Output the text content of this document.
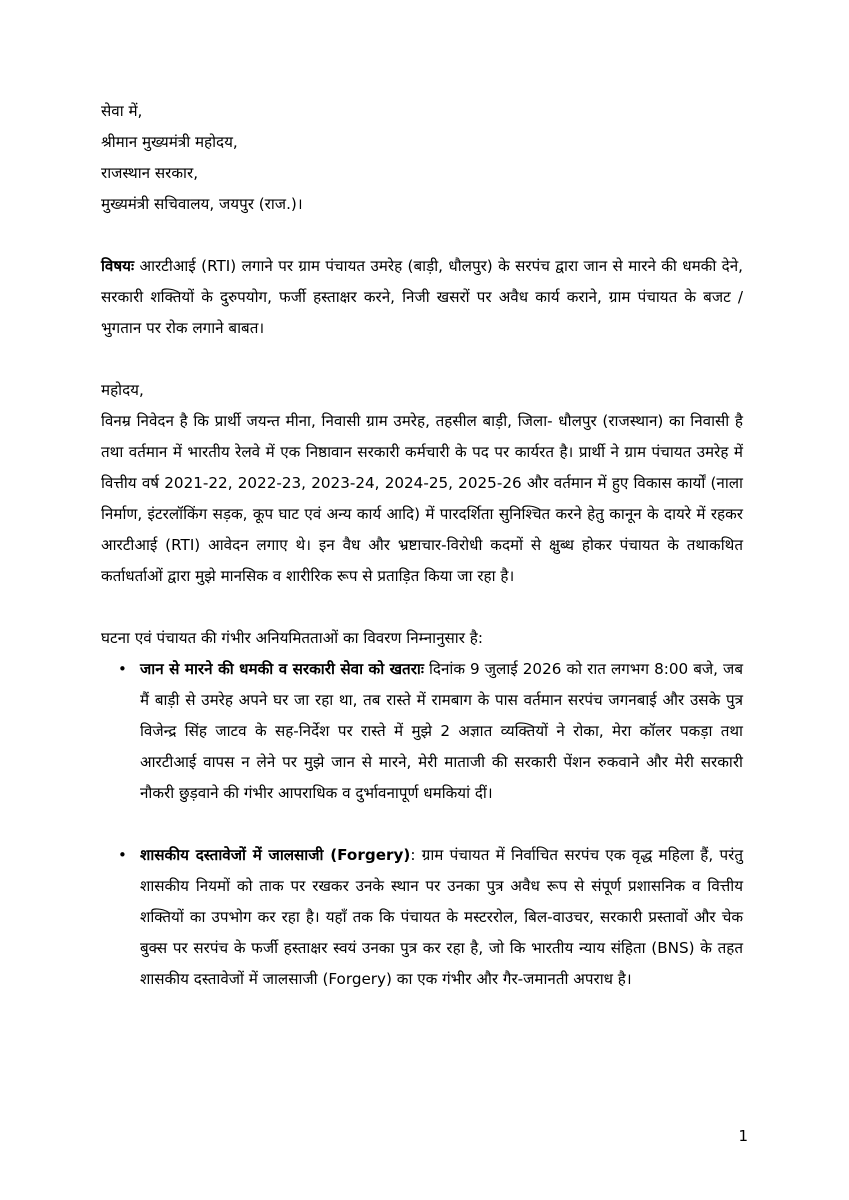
सेवा में,

श्रीमान मुख्यमंत्री महोदय,

राजस्थान सरकार,

मुख्यमंत्री सचिवालय, जयपुर (राज.)।

विषयः आरटीआई (RTI) लगाने पर ग्राम पंचायत उमरेह (बाड़ी, धौलपुर) के सरपंच द्वारा जान से मारने की धमकी देने, सरकारी शक्तियों के दुरुपयोग, फर्जी हस्ताक्षर करने, निजी खसरों पर अवैध कार्य कराने, ग्राम पंचायत के बजट / भुगतान पर रोक लगाने बाबत।

महोदय,

विनम्र निवेदन है कि प्रार्थी जयन्त मीना, निवासी ग्राम उमरेह, तहसील बाड़ी, जिला- धौलपुर (राजस्थान) का निवासी है तथा वर्तमान में भारतीय रेलवे में एक निष्ठावान सरकारी कर्मचारी के पद पर कार्यरत है। प्रार्थी ने ग्राम पंचायत उमरेह में वित्तीय वर्ष 2021-22, 2022-23, 2023-24, 2024-25, 2025-26 और वर्तमान में हुए विकास कार्यों (नाला निर्माण, इंटरलॉकिंग सड़क, कूप घाट एवं अन्य कार्य आदि) में पारदर्शिता सुनिश्चित करने हेतु कानून के दायरे में रहकर आरटीआई (RTI) आवेदन लगाए थे। इन वैध और भ्रष्टाचार-विरोधी कदमों से क्षुब्ध होकर पंचायत के तथाकथित कर्ताधर्ताओं द्वारा मुझे मानसिक व शारीरिक रूप से प्रताड़ित किया जा रहा है।

घटना एवं पंचायत की गंभीर अनियमितताओं का विवरण निम्नानुसार है:

• जान से मारने की धमकी व सरकारी सेवा को खतराः दिनांक 9 जुलाई 2026 को रात लगभग 8:00 बजे, जब मैं बाड़ी से उमरेह अपने घर जा रहा था, तब रास्ते में रामबाग के पास वर्तमान सरपंच जगनबाई और उसके पुत्र विजेन्द्र सिंह जाटव के सह-निर्देश पर रास्ते में मुझे 2 अज्ञात व्यक्तियों ने रोका, मेरा कॉलर पकड़ा तथा आरटीआई वापस न लेने पर मुझे जान से मारने, मेरी माताजी की सरकारी पेंशन रुकवाने और मेरी सरकारी नौकरी छुड़वाने की गंभीर आपराधिक व दुर्भावनापूर्ण धमकियां दीं।
• शासकीय दस्तावेजों में जालसाजी (Forgery): ग्राम पंचायत में निर्वाचित सरपंच एक वृद्ध महिला हैं, परंतु शासकीय नियमों को ताक पर रखकर उनके स्थान पर उनका पुत्र अवैध रूप से संपूर्ण प्रशासनिक व वित्तीय शक्तियों का उपभोग कर रहा है। यहाँ तक कि पंचायत के मस्टररोल, बिल-वाउचर, सरकारी प्रस्तावों और चेक बुक्स पर सरपंच के फर्जी हस्ताक्षर स्वयं उनका पुत्र कर रहा है, जो कि भारतीय न्याय संहिता (BNS) के तहत शासकीय दस्तावेजों में जालसाजी (Forgery) का एक गंभीर और गैर-जमानती अपराध है।
1
